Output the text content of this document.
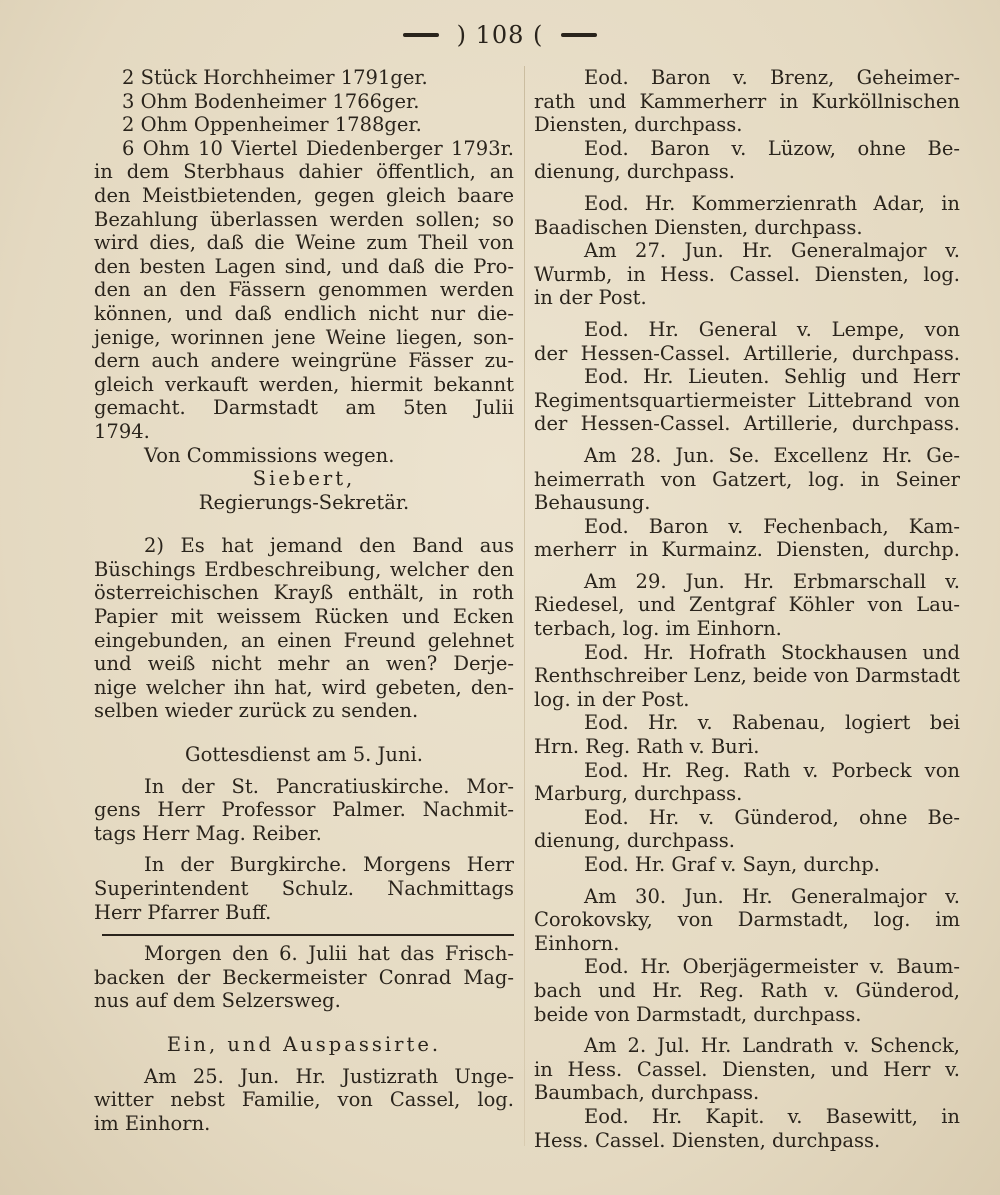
) 108 (

2 Stück Horchheimer 1791ger.

3 Ohm Bodenheimer 1766ger.

2 Ohm Oppenheimer 1788ger.

6 Ohm 10 Viertel Diedenberger 1793r.

in dem Sterbhaus dahier öffentlich, an

den Meistbietenden, gegen gleich baare

Bezahlung überlassen werden sollen; so

wird dies, daß die Weine zum Theil von

den besten Lagen sind, und daß die Pro-

den an den Fässern genommen werden

können, und daß endlich nicht nur die-

jenige, worinnen jene Weine liegen, son-

dern auch andere weingrüne Fässer zu-

gleich verkauft werden, hiermit bekannt

gemacht. Darmstadt am 5ten Julii

1794.

Von Commissions wegen.

Siebert,

Regierungs-Sekretär.

2) Es hat jemand den Band aus

Büschings Erdbeschreibung, welcher den

österreichischen Krayß enthält, in roth

Papier mit weissem Rücken und Ecken

eingebunden, an einen Freund gelehnet

und weiß nicht mehr an wen? Derje-

nige welcher ihn hat, wird gebeten, den-

selben wieder zurück zu senden.

Gottesdienst am 5. Juni.

In der St. Pancratiuskirche. Mor-

gens Herr Professor Palmer. Nachmit-

tags Herr Mag. Reiber.

In der Burgkirche. Morgens Herr

Superintendent Schulz. Nachmittags

Herr Pfarrer Buff.

Morgen den 6. Julii hat das Frisch-

backen der Beckermeister Conrad Mag-

nus auf dem Selzersweg.

Ein, und Auspassirte.

Am 25. Jun. Hr. Justizrath Unge-

witter nebst Familie, von Cassel, log.

im Einhorn.

Eod. Baron v. Brenz, Geheimer-

rath und Kammerherr in Kurköllnischen

Diensten, durchpass.

Eod. Baron v. Lüzow, ohne Be-

dienung, durchpass.

Eod. Hr. Kommerzienrath Adar, in

Baadischen Diensten, durchpass.

Am 27. Jun. Hr. Generalmajor v.

Wurmb, in Hess. Cassel. Diensten, log.

in der Post.

Eod. Hr. General v. Lempe, von

der Hessen-Cassel. Artillerie, durchpass.

Eod. Hr. Lieuten. Sehlig und Herr

Regimentsquartiermeister Littebrand von

der Hessen-Cassel. Artillerie, durchpass.

Am 28. Jun. Se. Excellenz Hr. Ge-

heimerrath von Gatzert, log. in Seiner

Behausung.

Eod. Baron v. Fechenbach, Kam-

merherr in Kurmainz. Diensten, durchp.

Am 29. Jun. Hr. Erbmarschall v.

Riedesel, und Zentgraf Köhler von Lau-

terbach, log. im Einhorn.

Eod. Hr. Hofrath Stockhausen und

Renthschreiber Lenz, beide von Darmstadt

log. in der Post.

Eod. Hr. v. Rabenau, logiert bei

Hrn. Reg. Rath v. Buri.

Eod. Hr. Reg. Rath v. Porbeck von

Marburg, durchpass.

Eod. Hr. v. Günderod, ohne Be-

dienung, durchpass.

Eod. Hr. Graf v. Sayn, durchp.

Am 30. Jun. Hr. Generalmajor v.

Corokovsky, von Darmstadt, log. im

Einhorn.

Eod. Hr. Oberjägermeister v. Baum-

bach und Hr. Reg. Rath v. Günderod,

beide von Darmstadt, durchpass.

Am 2. Jul. Hr. Landrath v. Schenck,

in Hess. Cassel. Diensten, und Herr v.

Baumbach, durchpass.

Eod. Hr. Kapit. v. Basewitt, in

Hess. Cassel. Diensten, durchpass.
